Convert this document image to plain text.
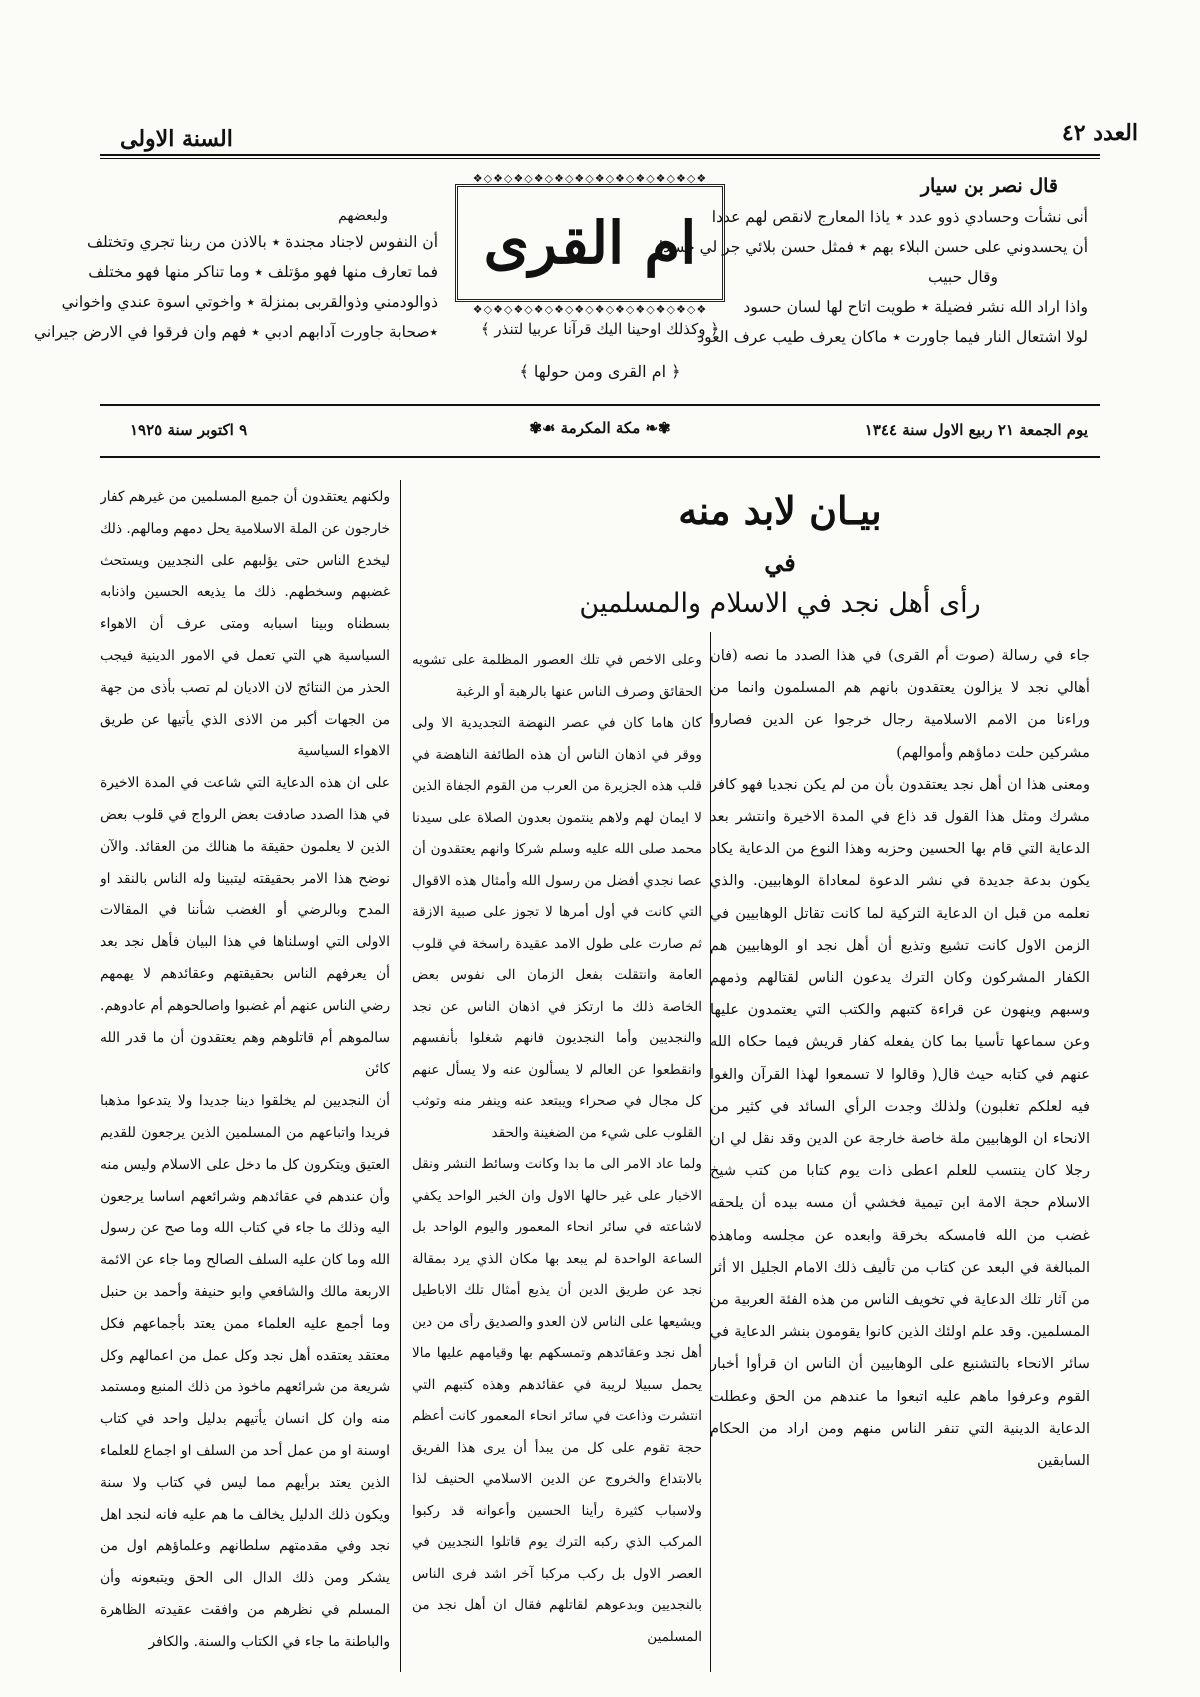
العدد ٤٢
السنة الاولى
قال نصر بن سيار
أنى نشأت وحسادي ذوو عدد ٭ ياذا المعارج لانقص لهم عددا
أن يحسدوني على حسن البلاء بهم ٭ فمثل حسن بلائي جر لي حسدا
وقال حبيب
واذا اراد الله نشر فضيلة ٭ طويت اتاح لها لسان حسود
لولا اشتعال النار فيما جاورت ٭ ماكان يعرف طيب عرف العود
❖◇❖◇❖◇❖◇❖◇❖◇❖◇❖◇❖◇❖◇❖◇❖
ام القرى
❖◇❖◇❖◇❖◇❖◇❖◇❖◇❖◇❖◇❖◇❖◇❖
﴿ وكذلك اوحينا اليك قرآنا عربيا لتنذر ﴾
﴿ ام القرى ومن حولها ﴾
ولبعضهم
أن النفوس لاجناد مجندة ٭ بالاذن من ربنا تجري وتختلف
فما تعارف منها فهو مؤتلف ٭ وما تناكر منها فهو مختلف
ذوالودمني وذوالقربى بمنزلة ٭ واخوتي اسوة عندي واخواني
٭صحابة جاورت آدابهم ادبي ٭ فهم وان فرقوا في الارض جيراني
يوم الجمعة ٢١ ربيع الاول سنة ١٣٤٤
✾❧ مكة المكرمة ☙✾
٩ اكتوبر سنة ١٩٢٥
بيـان لابد منه
في
رأى أهل نجد في الاسلام والمسلمين

جاء في رسالة (صوت أم القرى) في هذا الصدد ما نصه (فان أهالي نجد لا يزالون يعتقدون بانهم هم المسلمون وانما من وراءنا من الامم الاسلامية رجال خرجوا عن الدين فصاروا مشركين حلت دماؤهم وأموالهم)

ومعنى هذا ان أهل نجد يعتقدون بأن من لم يكن نجديا فهو كافر مشرك ومثل هذا القول قد ذاع في المدة الاخيرة وانتشر بعد الدعاية التي قام بها الحسين وحزبه وهذا النوع من الدعاية يكاد يكون بدعة جديدة في نشر الدعوة لمعاداة الوهابيين. والذي نعلمه من قبل ان الدعاية التركية لما كانت تقاتل الوهابيين في الزمن الاول كانت تشيع وتذيع أن أهل نجد او الوهابيين هم الكفار المشركون وكان الترك يدعون الناس لقتالهم وذمهم وسبهم وينهون عن قراءة كتبهم والكتب التي يعتمدون عليها وعن سماعها تأسيا بما كان يفعله كفار قريش فيما حكاه الله عنهم في كتابه حيث قال( وقالوا لا تسمعوا لهذا القرآن والغوا فيه لعلكم تغلبون) ولذلك وجدت الرأي السائد في كثير من الانحاء ان الوهابيين ملة خاصة خارجة عن الدين وقد نقل لي ان رجلا كان ينتسب للعلم اعطى ذات يوم كتابا من كتب شيخ الاسلام حجة الامة ابن تيمية فخشي أن مسه بيده أن يلحقه غضب من الله فامسكه بخرقة وابعده عن مجلسه وماهذه المبالغة في البعد عن كتاب من تأليف ذلك الامام الجليل الا أثر من آثار تلك الدعاية في تخويف الناس من هذه الفئة العربية من المسلمين. وقد علم اولئك الذين كانوا يقومون بنشر الدعاية في سائر الانحاء بالتشنيع على الوهابيين أن الناس ان قرأوا أخبار القوم وعرفوا ماهم عليه اتبعوا ما عندهم من الحق وعطلت الدعاية الدينية التي تنفر الناس منهم ومن اراد من الحكام السابقين

وعلى الاخص في تلك العصور المظلمة على تشويه الحقائق وصرف الناس عنها بالرهبة أو الرغبة

كان هاما كان في عصر النهضة التجديدية الا ولى ووقر في اذهان الناس أن هذه الطائفة الناهضة في قلب هذه الجزيرة من العرب من القوم الجفاة الذين لا ايمان لهم ولاهم ينتمون بعدون الصلاة على سيدنا محمد صلى الله عليه وسلم شركا وانهم يعتقدون أن عصا نجدي أفضل من رسول الله وأمثال هذه الاقوال التي كانت في أول أمرها لا تجوز على صبية الازقة ثم صارت على طول الامد عقيدة راسخة في قلوب العامة وانتقلت بفعل الزمان الى نفوس بعض الخاصة ذلك ما ارتكز في اذهان الناس عن نجد والنجديين وأما النجديون فانهم شغلوا بأنفسهم وانقطعوا عن العالم لا يسألون عنه ولا يسأل عنهم كل مجال في صحراء ويبتعد عنه وينفر منه وتوثب القلوب على شيء من الضغينة والحقد

ولما عاد الامر الى ما بدا وكانت وسائط النشر ونقل الاخبار على غير حالها الاول وان الخبر الواحد يكفي لاشاعته في سائر انحاء المعمور واليوم الواحد بل الساعة الواحدة لم يبعد بها مكان الذي يرد بمقالة نجد عن طريق الدين أن يذيع أمثال تلك الاباطيل ويشيعها على الناس لان العدو والصديق رأى من دين أهل نجد وعقائدهم وتمسكهم بها وقيامهم عليها مالا يحمل سبيلا لريبة في عقائدهم وهذه كتبهم التي انتشرت وذاعت في سائر انحاء المعمور كانت أعظم حجة تقوم على كل من يبدأ أن يرى هذا الفريق بالابتداع والخروج عن الدين الاسلامي الحنيف لذا ولاسباب كثيرة رأينا الحسين وأعوانه قد ركبوا المركب الذي ركبه الترك يوم قاتلوا النجديين في العصر الاول بل ركب مركبا آخر اشد فرى الناس بالنجديين وبدعوهم لقاتلهم فقال ان أهل نجد من المسلمين

ولكنهم يعتقدون أن جميع المسلمين من غيرهم كفار خارجون عن الملة الاسلامية يحل دمهم ومالهم. ذلك ليخدع الناس حتى يؤلبهم على النجديين ويستحث غضبهم وسخطهم. ذلك ما يذيعه الحسين واذنابه بسطناه وبينا اسبابه ومتى عرف أن الاهواء السياسية هي التي تعمل في الامور الدينية فيجب الحذر من النتائج لان الاديان لم تصب بأذى من جهة من الجهات أكبر من الاذى الذي يأتيها عن طريق الاهواء السياسية

على ان هذه الدعاية التي شاعت في المدة الاخيرة في هذا الصدد صادفت بعض الرواج في قلوب بعض الذين لا يعلمون حقيقة ما هنالك من العقائد. والآن نوضح هذا الامر بحقيقته ليتبينا وله الناس بالنقد او المدح وبالرضي أو الغضب شأننا في المقالات الاولى التي اوسلناها في هذا البيان فأهل نجد بعد أن يعرفهم الناس بحقيقتهم وعقائدهم لا يهمهم رضي الناس عنهم أم غضبوا واصالحوهم أم عادوهم. سالموهم أم قاتلوهم وهم يعتقدون أن ما قدر الله كائن

أن النجديين لم يخلقوا دينا جديدا ولا يتدعوا مذهبا فريدا واتباعهم من المسلمين الذين يرجعون للقديم العتيق ويتكرون كل ما دخل على الاسلام وليس منه وأن عندهم في عقائدهم وشرائعهم اساسا يرجعون اليه وذلك ما جاء في كتاب الله وما صح عن رسول الله وما كان عليه السلف الصالح وما جاء عن الائمة الاربعة مالك والشافعي وابو حنيفة وأحمد بن حنبل وما أجمع عليه العلماء ممن يعتد بأجماعهم فكل معتقد يعتقده أهل نجد وكل عمل من اعمالهم وكل شريعة من شرائعهم ماخوذ من ذلك المنبع ومستمد منه وان كل انسان يأتيهم بدليل واحد في كتاب اوسنة او من عمل أحد من السلف او اجماع للعلماء الذين يعتد برأيهم مما ليس في كتاب ولا سنة ويكون ذلك الدليل يخالف ما هم عليه فانه لنجد اهل نجد وفي مقدمتهم سلطانهم وعلماؤهم اول من يشكر ومن ذلك الدال الى الحق ويتبعونه وأن المسلم في نظرهم من وافقت عقيدته الظاهرة والباطنة ما جاء في الكتاب والسنة. والكافر
